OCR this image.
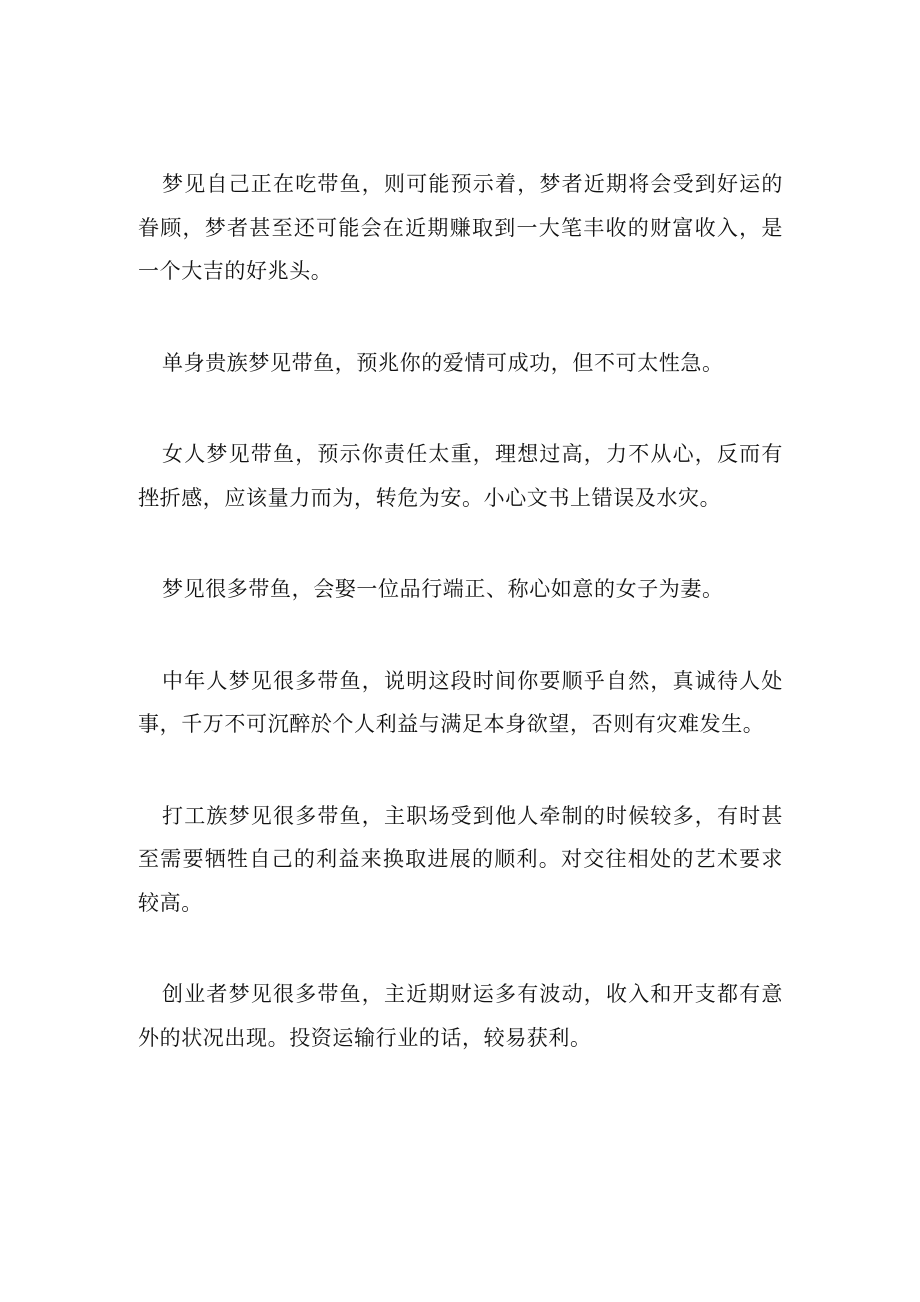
梦见自己正在吃带鱼，则可能预示着，梦者近期将会受到好运的眷顾，梦者甚至还可能会在近期赚取到一大笔丰收的财富收入，是一个大吉的好兆头。

单身贵族梦见带鱼，预兆你的爱情可成功，但不可太性急。

女人梦见带鱼，预示你责任太重，理想过高，力不从心，反而有挫折感，应该量力而为，转危为安。小心文书上错误及水灾。

梦见很多带鱼，会娶一位品行端正、称心如意的女子为妻。

中年人梦见很多带鱼，说明这段时间你要顺乎自然，真诚待人处事，千万不可沉醉於个人利益与满足本身欲望，否则有灾难发生。

打工族梦见很多带鱼，主职场受到他人牵制的时候较多，有时甚至需要牺牲自己的利益来换取进展的顺利。对交往相处的艺术要求较高。

创业者梦见很多带鱼，主近期财运多有波动，收入和开支都有意外的状况出现。投资运输行业的话，较易获利。
